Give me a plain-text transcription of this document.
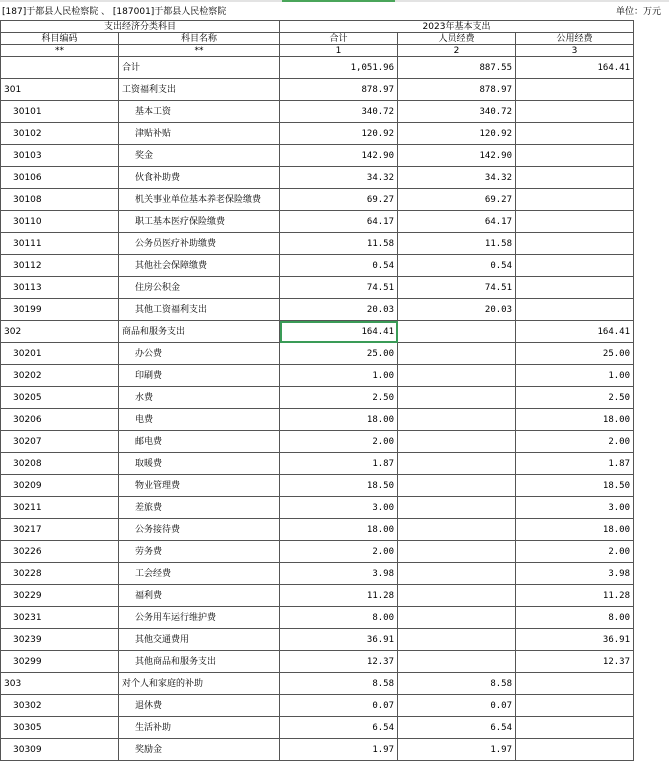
[187]于都县人民检察院 、 [187001]于都县人民检察院	单位：万元
支出经济分类科目		2023年基本支出		
科目编码	科目名称	合计	人员经费	公用经费
**	**	1	2	3
	合计	1,051.96	887.55	164.41
301	工资福利支出	878.97	878.97	
30101	基本工资	340.72	340.72	
30102	津贴补贴	120.92	120.92	
30103	奖金	142.90	142.90	
30106	伙食补助费	34.32	34.32	
30108	机关事业单位基本养老保险缴费	69.27	69.27	
30110	职工基本医疗保险缴费	64.17	64.17	
30111	公务员医疗补助缴费	11.58	11.58	
30112	其他社会保障缴费	0.54	0.54	
30113	住房公积金	74.51	74.51	
30199	其他工资福利支出	20.03	20.03	
302	商品和服务支出	164.41		164.41
30201	办公费	25.00		25.00
30202	印刷费	1.00		1.00
30205	水费	2.50		2.50
30206	电费	18.00		18.00
30207	邮电费	2.00		2.00
30208	取暖费	1.87		1.87
30209	物业管理费	18.50		18.50
30211	差旅费	3.00		3.00
30217	公务接待费	18.00		18.00
30226	劳务费	2.00		2.00
30228	工会经费	3.98		3.98
30229	福利费	11.28		11.28
30231	公务用车运行维护费	8.00		8.00
30239	其他交通费用	36.91		36.91
30299	其他商品和服务支出	12.37		12.37
303	对个人和家庭的补助	8.58	8.58	
30302	退休费	0.07	0.07	
30305	生活补助	6.54	6.54	
30309	奖励金	1.97	1.97	
